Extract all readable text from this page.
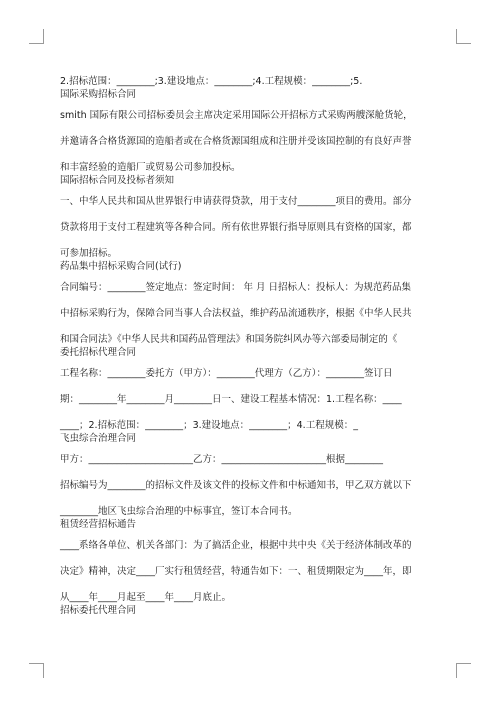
2.招标范围：________;3.建设地点：________;4.工程规模：________;5.

国际采购招标合同

smith 国际有限公司招标委员会主席决定采用国际公开招标方式采购两艘深舱货轮，

并邀请各合格货源国的造船者或在合格货源国组成和注册并受该国控制的有良好声誉

和丰富经验的造船厂或贸易公司参加投标。

国际招标合同及投标者须知

一、中华人民共和国从世界银行申请获得贷款，用于支付________项目的费用。部分

贷款将用于支付工程建筑等各种合同。所有依世界银行指导原则具有资格的国家，都

可参加招标。

药品集中招标采购合同(试行)

合同编号：________签定地点：签定时间： 年 月 日招标人：投标人：为规范药品集

中招标采购行为，保障合同当事人合法权益，维护药品流通秩序，根据《中华人民共

和国合同法》《中华人民共和国药品管理法》和国务院纠风办等六部委局制定的《

委托招标代理合同

工程名称：________委托方（甲方）：________代理方（乙方）：________签订日

期：________年________月________日一、建设工程基本情况：1.工程名称：____

____；2.招标范围：________；3.建设地点：________；4.工程规模：_

飞虫综合治理合同

甲方：______________________乙方：______________________根据________

招标编号为________的招标文件及该文件的投标文件和中标通知书，甲乙双方就以下

________地区飞虫综合治理的中标事宜，签订本合同书。

租赁经营招标通告

____系络各单位、机关各部门：为了搞活企业，根据中共中央《关于经济体制改革的

决定》精神，决定____厂实行租赁经营，特通告如下：一、租赁期限定为____年，即

从____年____月起至____年____月底止。

招标委托代理合同
